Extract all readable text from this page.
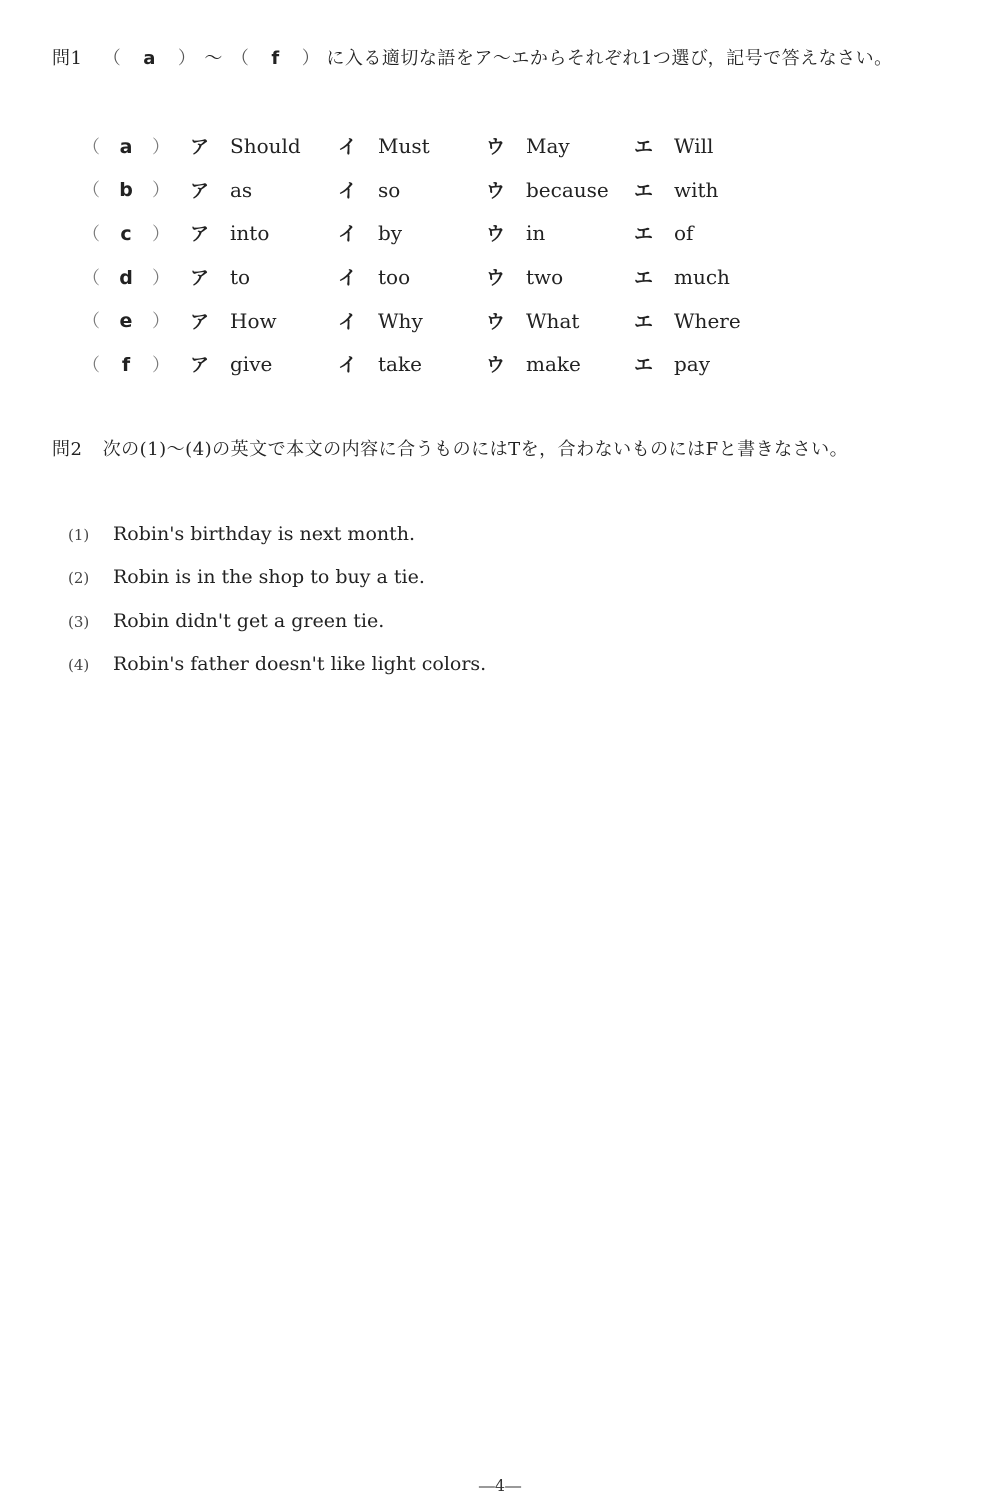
問1 （ a ） ～ （ f ） に入る適切な語をア～エからそれぞれ1つ選び，記号で答えなさい。
（ a ）	ア Should	イ Must	ウ May	エ Will
（ b ）	ア as	イ so	ウ because	エ with
（ c ）	ア into	イ by	ウ in	エ of
（ d ）	ア to	イ too	ウ two	エ much
（ e ）	ア How	イ Why	ウ What	エ Where
（ f ）	ア give	イ take	ウ make	エ pay
問2 次の(1)～(4)の英文で本文の内容に合うものにはTを，合わないものにはFと書きなさい。
(1) Robin's birthday is next month.
(2) Robin is in the shop to buy a tie.
(3) Robin didn't get a green tie.
(4) Robin's father doesn't like light colors.
―4―
